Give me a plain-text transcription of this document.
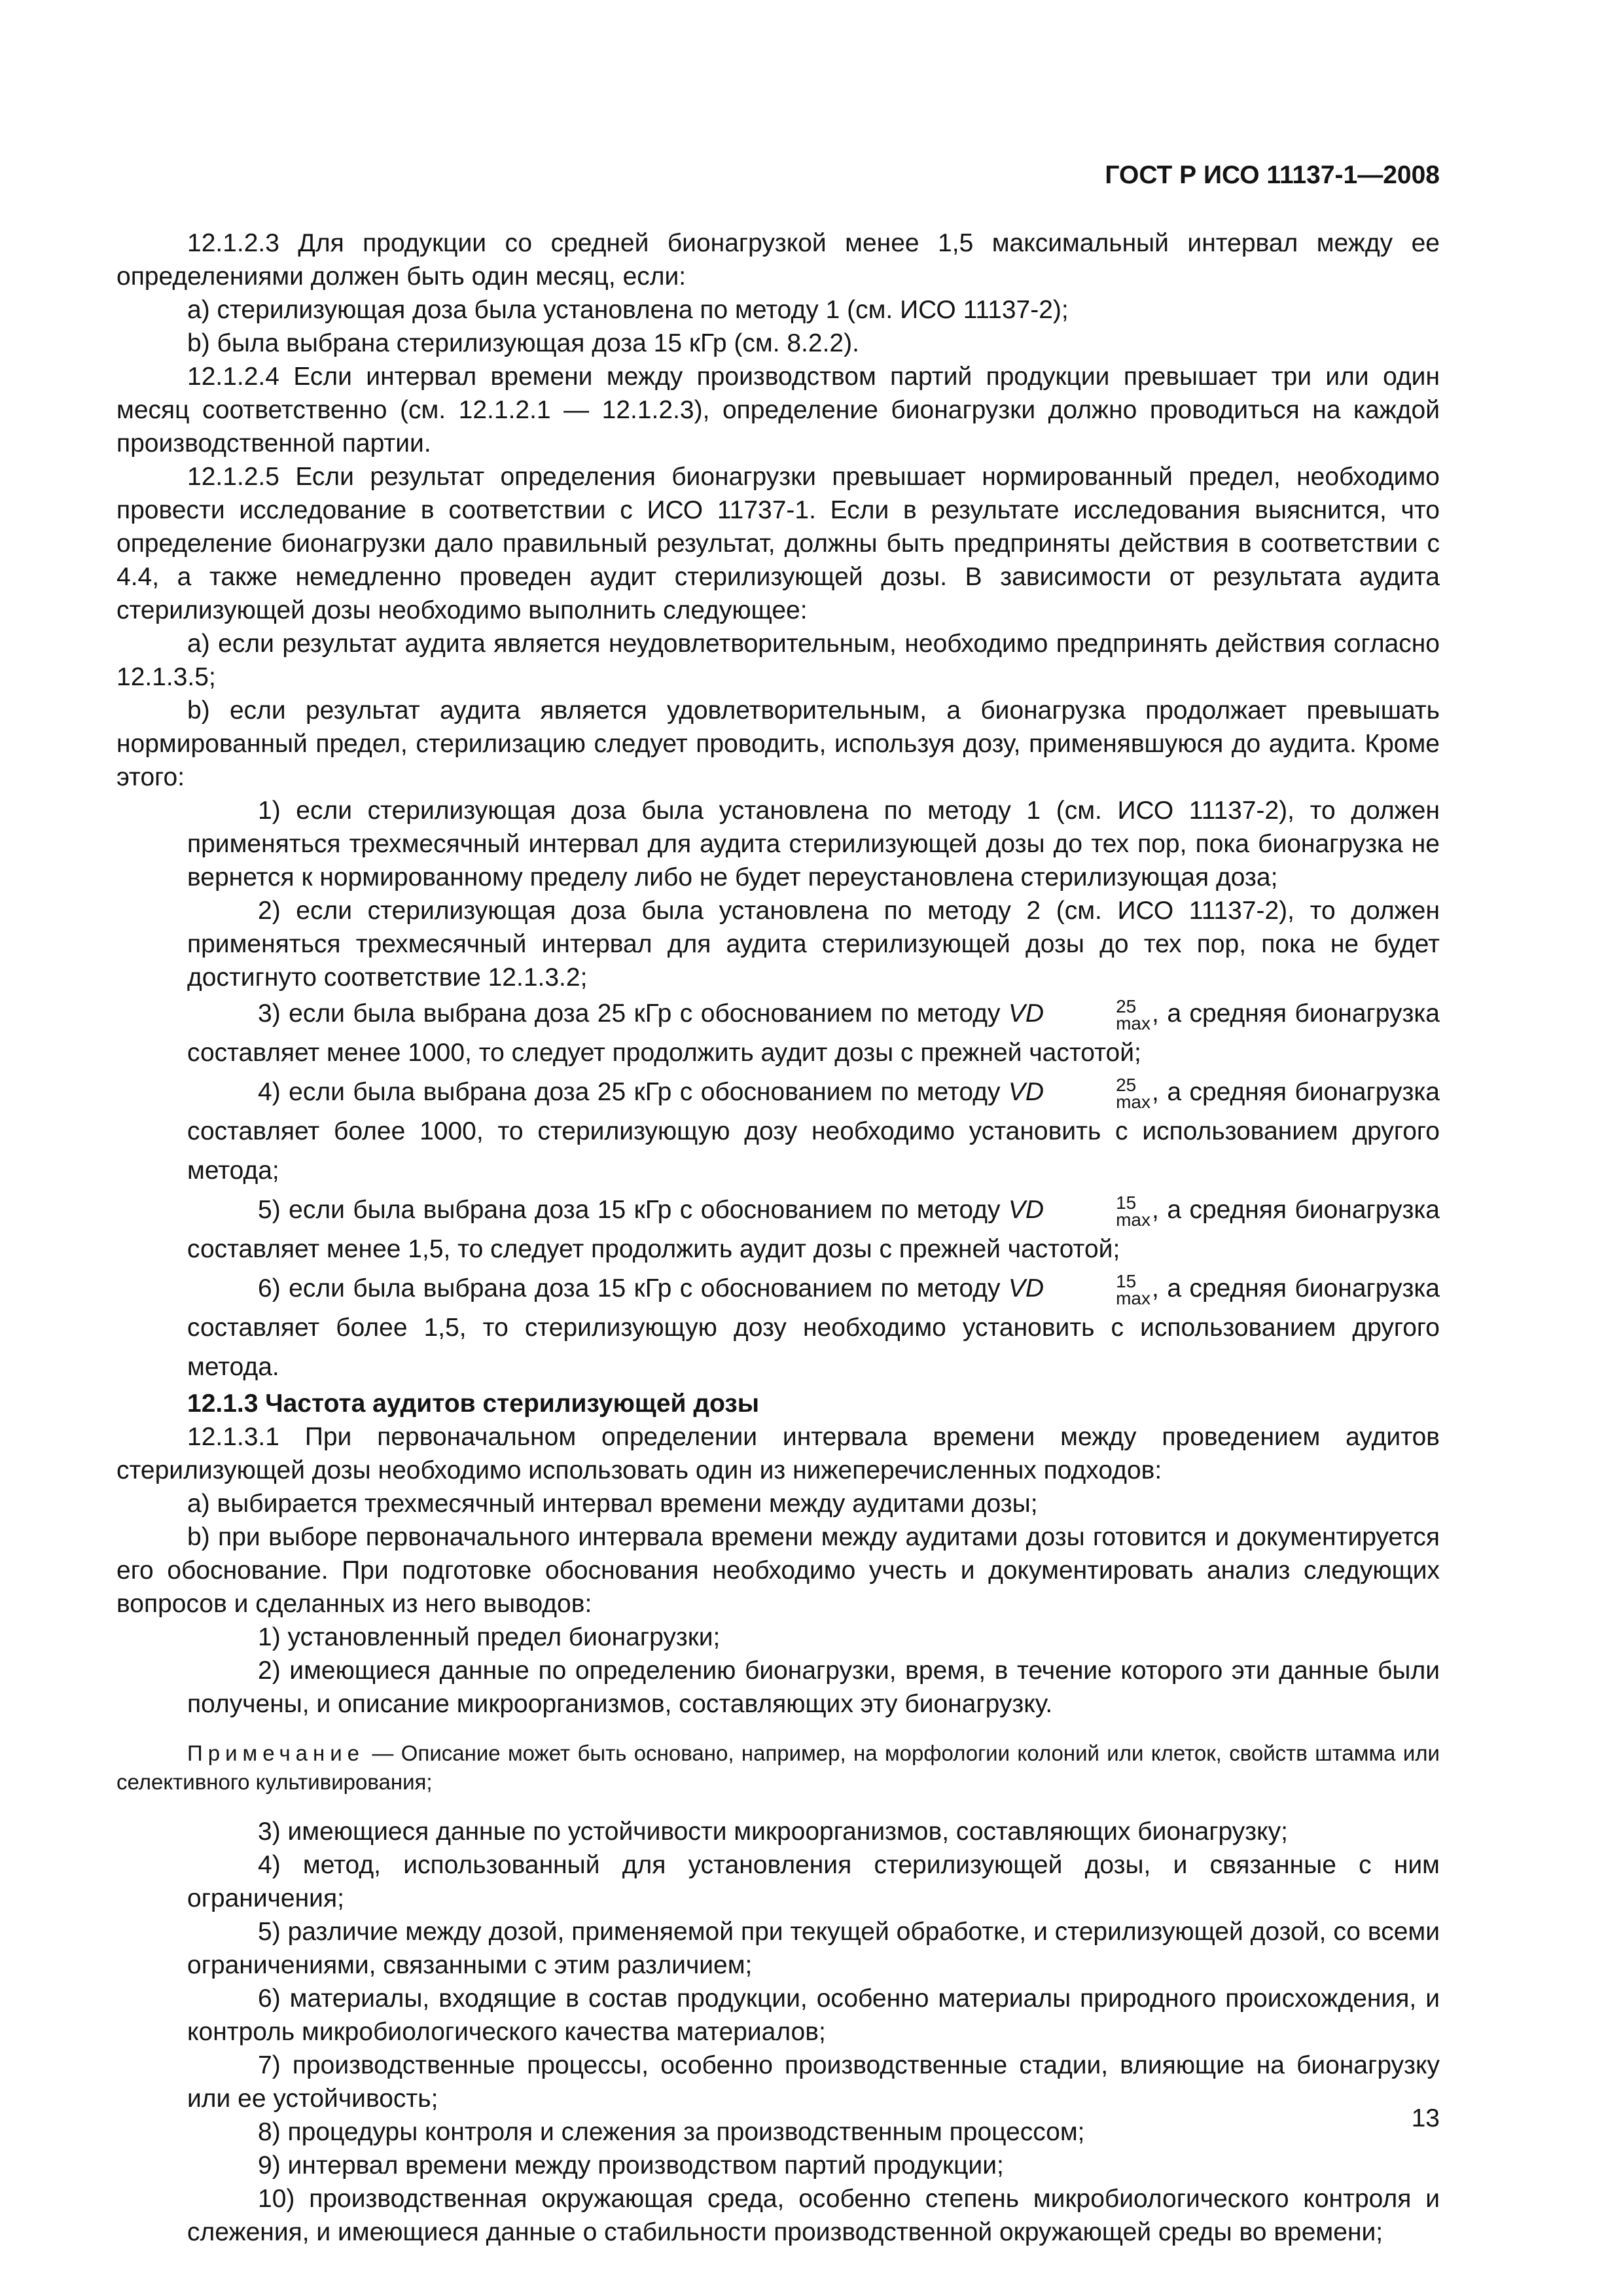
ГОСТ Р ИСО 11137-1—2008

12.1.2.3 Для продукции со средней бионагрузкой менее 1,5 максимальный интервал между ее определениями должен быть один месяц, если:

a) стерилизующая доза была установлена по методу 1 (см. ИСО 11137-2);

b) была выбрана стерилизующая доза 15 кГр (см. 8.2.2).

12.1.2.4 Если интервал времени между производством партий продукции превышает три или один месяц соответственно (см. 12.1.2.1 — 12.1.2.3), определение бионагрузки должно проводиться на каждой производственной партии.

12.1.2.5 Если результат определения бионагрузки превышает нормированный предел, необходимо провести исследование в соответствии с ИСО 11737-1. Если в результате исследования выяснится, что определение бионагрузки дало правильный результат, должны быть предприняты действия в соответствии с 4.4, а также немедленно проведен аудит стерилизующей дозы. В зависимости от результата аудита стерилизующей дозы необходимо выполнить следующее:

a) если результат аудита является неудовлетворительным, необходимо предпринять действия согласно 12.1.3.5;

b) если результат аудита является удовлетворительным, а бионагрузка продолжает превышать нормированный предел, стерилизацию следует проводить, используя дозу, применявшуюся до аудита. Кроме этого:

1) если стерилизующая доза была установлена по методу 1 (см. ИСО 11137-2), то должен применяться трехмесячный интервал для аудита стерилизующей дозы до тех пор, пока бионагрузка не вернется к нормированному пределу либо не будет переустановлена стерилизующая доза;

2) если стерилизующая доза была установлена по методу 2 (см. ИСО 11137-2), то должен применяться трехмесячный интервал для аудита стерилизующей дозы до тех пор, пока не будет достигнуто соответствие 12.1.3.2;

3) если была выбрана доза 25 кГр с обоснованием по методу VD	25
max , а средняя бионагрузка составляет менее 1000, то следует продолжить аудит дозы с прежней частотой;

4) если была выбрана доза 25 кГр с обоснованием по методу VD	25
max , а средняя бионагрузка составляет более 1000, то стерилизующую дозу необходимо установить с использованием другого метода;

5) если была выбрана доза 15 кГр с обоснованием по методу VD	15
max , а средняя бионагрузка составляет менее 1,5, то следует продолжить аудит дозы с прежней частотой;

6) если была выбрана доза 15 кГр с обоснованием по методу VD	15
max , а средняя бионагрузка составляет более 1,5, то стерилизующую дозу необходимо установить с использованием другого метода.

12.1.3 Частота аудитов стерилизующей дозы

12.1.3.1 При первоначальном определении интервала времени между проведением аудитов стерилизующей дозы необходимо использовать один из нижеперечисленных подходов:

a) выбирается трехмесячный интервал времени между аудитами дозы;

b) при выборе первоначального интервала времени между аудитами дозы готовится и документируется его обоснование. При подготовке обоснования необходимо учесть и документировать анализ следующих вопросов и сделанных из него выводов:

1) установленный предел бионагрузки;

2) имеющиеся данные по определению бионагрузки, время, в течение которого эти данные были получены, и описание микроорганизмов, составляющих эту бионагрузку.

Примечание — Описание может быть основано, например, на морфологии колоний или клеток, свойств штамма или селективного культивирования;

3) имеющиеся данные по устойчивости микроорганизмов, составляющих бионагрузку;

4) метод, использованный для установления стерилизующей дозы, и связанные с ним ограничения;

5) различие между дозой, применяемой при текущей обработке, и стерилизующей дозой, со всеми ограничениями, связанными с этим различием;

6) материалы, входящие в состав продукции, особенно материалы природного происхождения, и контроль микробиологического качества материалов;

7) производственные процессы, особенно производственные стадии, влияющие на бионагрузку или ее устойчивость;

8) процедуры контроля и слежения за производственным процессом;

9) интервал времени между производством партий продукции;

10) производственная окружающая среда, особенно степень микробиологического контроля и слежения, и имеющиеся данные о стабильности производственной окружающей среды во времени;

13
